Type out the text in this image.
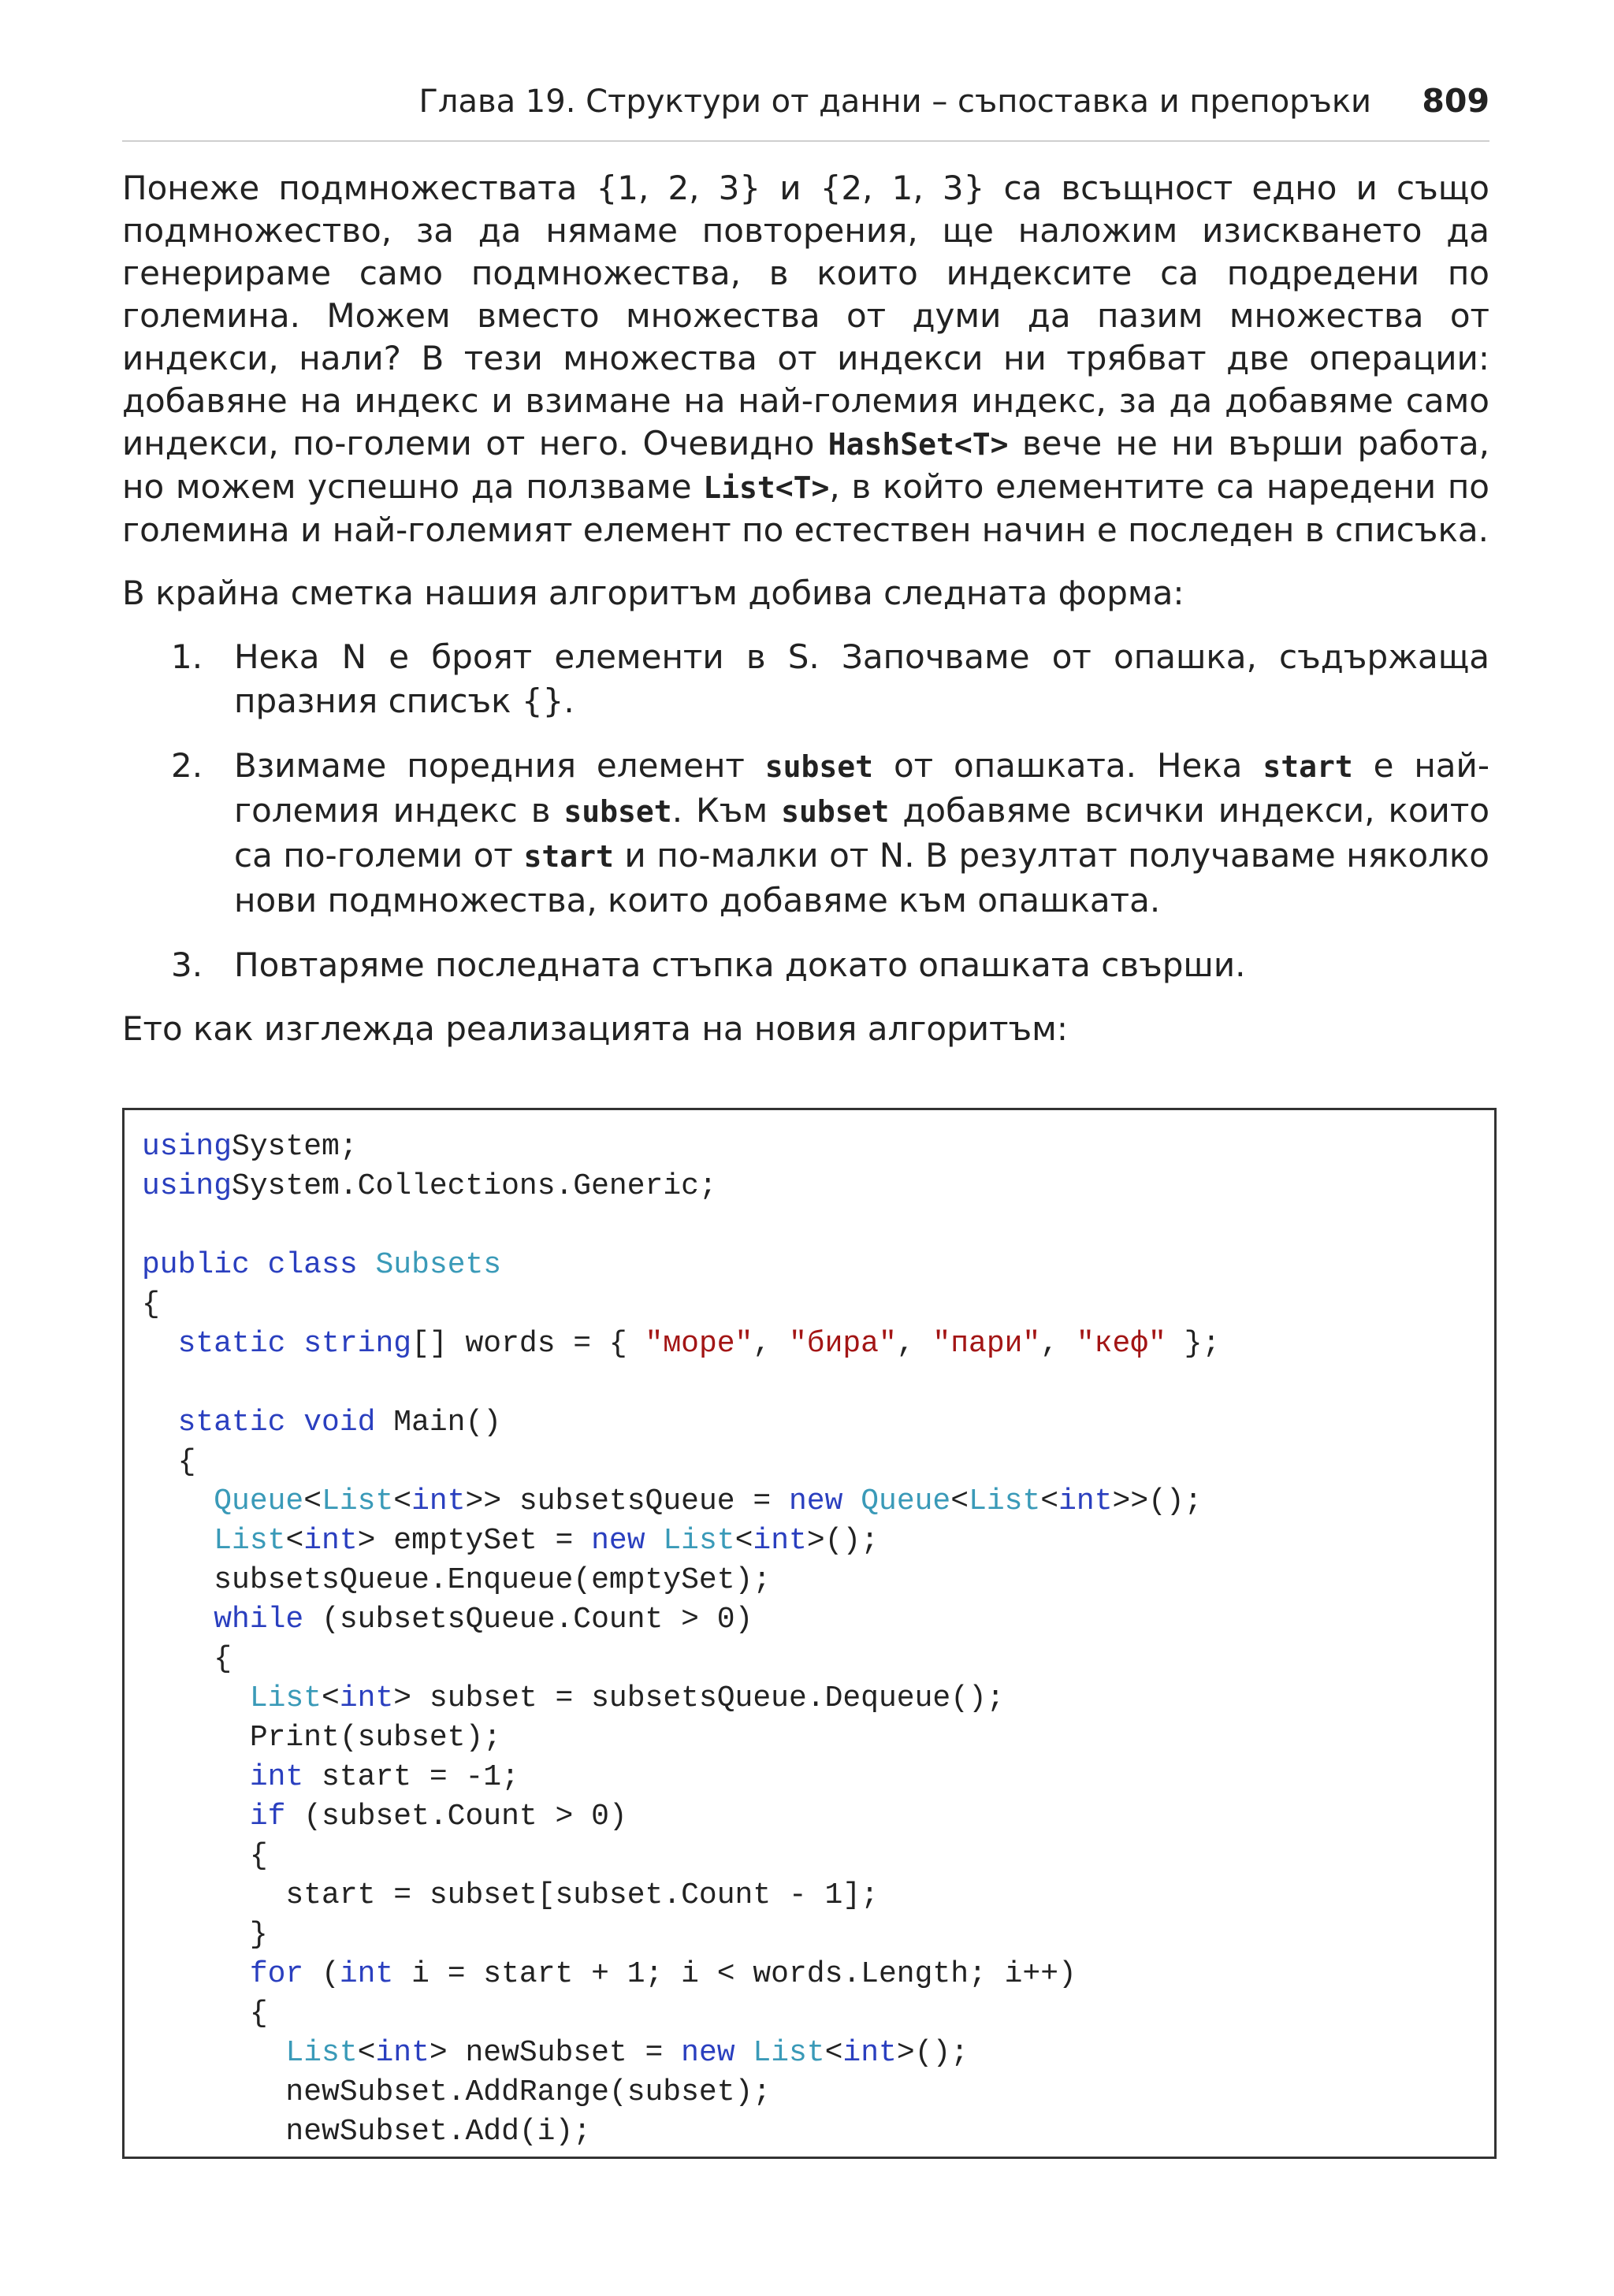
Глава 19. Структури от данни – съпоставка и препоръки 809

Понеже подмножествата {1, 2, 3} и {2, 1, 3} са всъщност едно и също подмножество, за да нямаме повторения, ще наложим изискването да генерираме само подмножества, в които индексите са подредени по големина. Можем вместо множества от думи да пазим множества от индекси, нали? В тези множества от индекси ни трябват две операции: добавяне на индекс и взимане на най-големия индекс, за да добавяме само индекси, по-големи от него. Очевидно HashSet<T> вече не ни върши работа, но можем успешно да ползваме List<T>, в който елементите са наредени по големина и най-големият елемент по естествен начин е последен в списъка.

В крайна сметка нашия алгоритъм добива следната форма:

1. Нека N е броят елементи в S. Започваме от опашка, съдържаща празния списък {}.
2. Взимаме поредния елемент subset от опашката. Нека start е най-големия индекс в subset. Към subset добавяме всички индекси, които са по-големи от start и по-малки от N. В резултат получаваме няколко нови подмножества, които добавяме към опашката.
3. Повтаряме последната стъпка докато опашката свърши.

Ето как изглежда реализацията на новия алгоритъм:

usingSystem;
usingSystem.Collections.Generic;

public class Subsets
{
static string[] words = { "море", "бира", "пари", "кеф" };

static void Main()
{
Queue<List<int>> subsetsQueue = new Queue<List<int>>();
List<int> emptySet = new List<int>();
subsetsQueue.Enqueue(emptySet);
while (subsetsQueue.Count > 0)
{
List<int> subset = subsetsQueue.Dequeue();
Print(subset);
int start = -1;
if (subset.Count > 0)
{
start = subset[subset.Count - 1];
}
for (int i = start + 1; i < words.Length; i++)
{
List<int> newSubset = new List<int>();
newSubset.AddRange(subset);
newSubset.Add(i);
